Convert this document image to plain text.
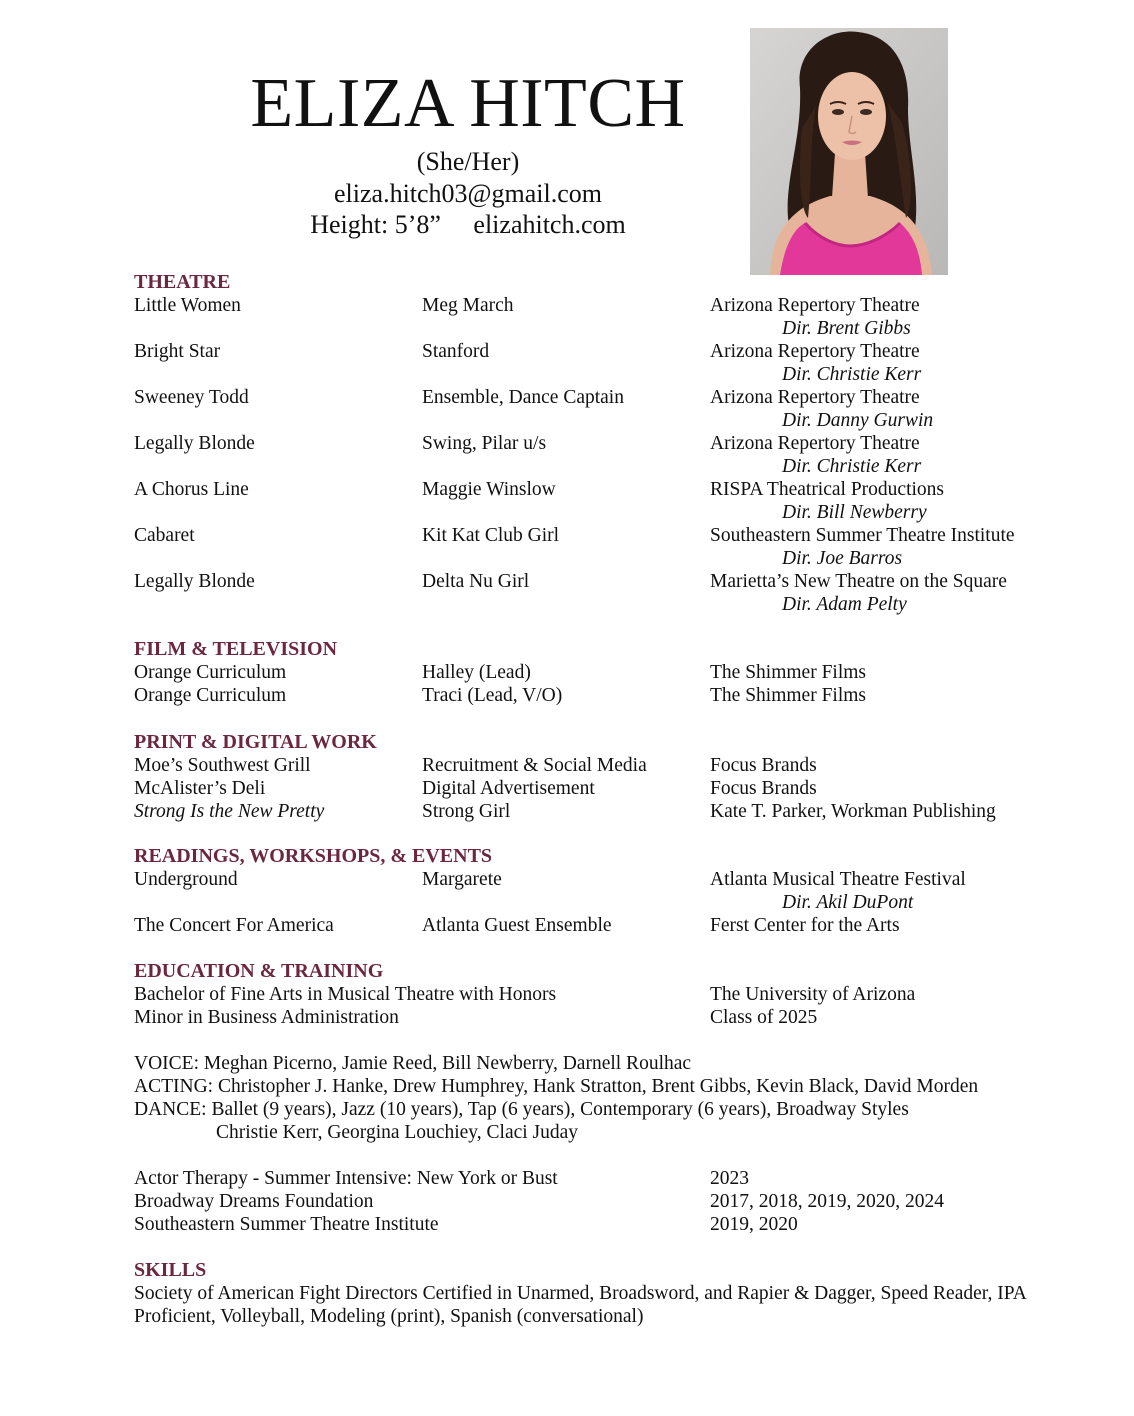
ELIZA HITCH
(She/Her)
eliza.hitch03@gmail.com
Height: 5’8”     elizahitch.com
THEATRE
Little Women	Meg March	Arizona Repertory Theatre
Dir. Brent Gibbs
Bright Star	Stanford	Arizona Repertory Theatre
Dir. Christie Kerr
Sweeney Todd	Ensemble, Dance Captain	Arizona Repertory Theatre
Dir. Danny Gurwin
Legally Blonde	Swing, Pilar u/s	Arizona Repertory Theatre
Dir. Christie Kerr
A Chorus Line	Maggie Winslow	RISPA Theatrical Productions
Dir. Bill Newberry
Cabaret	Kit Kat Club Girl	Southeastern Summer Theatre Institute
Dir. Joe Barros
Legally Blonde	Delta Nu Girl	Marietta’s New Theatre on the Square
Dir. Adam Pelty
FILM & TELEVISION
Orange Curriculum	Halley (Lead)	The Shimmer Films
Orange Curriculum	Traci (Lead, V/O)	The Shimmer Films
PRINT & DIGITAL WORK
Moe’s Southwest Grill	Recruitment & Social Media	Focus Brands
McAlister’s Deli	Digital Advertisement	Focus Brands
Strong Is the New Pretty	Strong Girl	Kate T. Parker, Workman Publishing
READINGS, WORKSHOPS, & EVENTS
Underground	Margarete	Atlanta Musical Theatre Festival
Dir. Akil DuPont
The Concert For America	Atlanta Guest Ensemble	Ferst Center for the Arts
EDUCATION & TRAINING
Bachelor of Fine Arts in Musical Theatre with Honors	The University of Arizona
Minor in Business Administration	Class of 2025
VOICE: Meghan Picerno, Jamie Reed, Bill Newberry, Darnell Roulhac
ACTING: Christopher J. Hanke, Drew Humphrey, Hank Stratton, Brent Gibbs, Kevin Black, David Morden
DANCE: Ballet (9 years), Jazz (10 years), Tap (6 years), Contemporary (6 years), Broadway Styles
Christie Kerr, Georgina Louchiey, Claci Juday
Actor Therapy - Summer Intensive: New York or Bust	2023
Broadway Dreams Foundation	2017, 2018, 2019, 2020, 2024
Southeastern Summer Theatre Institute	2019, 2020
SKILLS
Society of American Fight Directors Certified in Unarmed, Broadsword, and Rapier & Dagger, Speed Reader, IPA
Proficient, Volleyball, Modeling (print), Spanish (conversational)
